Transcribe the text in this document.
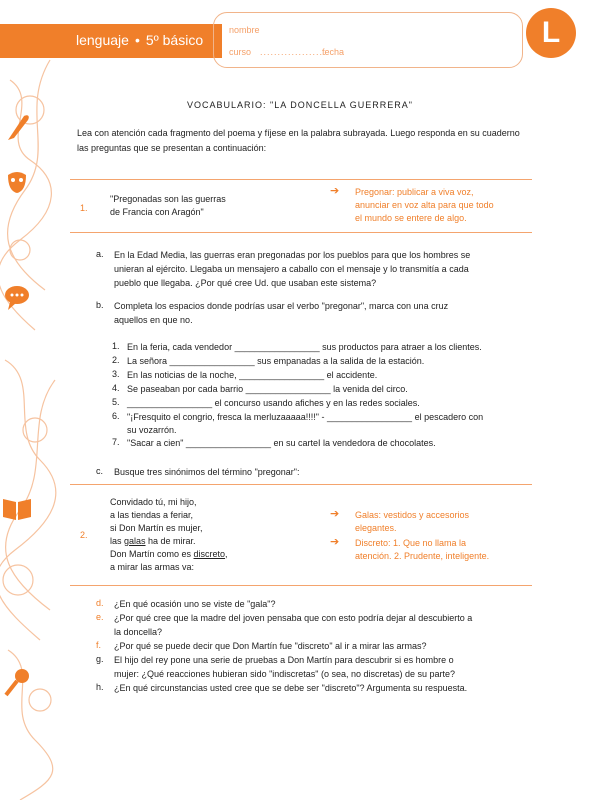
lenguaje • 5º básico
nombre
curso ...................
fecha
L
VOCABULARIO: "LA DONCELLA GUERRERA"
Lea con atención cada fragmento del poema y fíjese en la palabra subrayada. Luego responda en su cuaderno las preguntas que se presentan a continuación:
1.
"Pregonadas son las guerras
de Francia con Aragón"
➔ Pregonar: publicar a viva voz,
anunciar en voz alta para que todo
el mundo se entere de algo.
a. En la Edad Media, las guerras eran pregonadas por los pueblos para que los hombres se
unieran al ejército. Llegaba un mensajero a caballo con el mensaje y lo transmitía a cada
pueblo que llegaba. ¿Por qué cree Ud. que usaban este sistema?
b. Completa los espacios donde podrías usar el verbo "pregonar", marca con una cruz
aquellos en que no.
1. En la feria, cada vendedor _________________ sus productos para atraer a los clientes.
2. La señora _________________ sus empanadas a la salida de la estación.
3. En las noticias de la noche, _________________ el accidente.
4. Se paseaban por cada barrio _________________ la venida del circo.
5. _________________ el concurso usando afiches y en las redes sociales.
6. "¡Fresquito el congrio, fresca la merluzaaaaa!!!!" - _________________ el pescadero con
su vozarrón.
7. "Sacar a cien" _________________ en su carteI la vendedora de chocolates.
c. Busque tres sinónimos del término "pregonar":
2.
Convidado tú, mi hijo,
a las tiendas a feriar,
si Don Martín es mujer,
las galas ha de mirar.
Don Martín como es discreto,
a mirar las armas va:
➔ Galas: vestidos y accesorios
elegantes.
➔ Discreto: 1. Que no llama la
atención. 2. Prudente, inteligente.
d. ¿En qué ocasión uno se viste de "gala"?
e. ¿Por qué cree que la madre del joven pensaba que con esto podría dejar al descubierto a
la doncella?
f. ¿Por qué se puede decir que Don Martín fue "discreto" al ir a mirar las armas?
g. El hijo del rey pone una serie de pruebas a Don Martín para descubrir si es hombre o
mujer: ¿Qué reacciones hubieran sido "indiscretas" (o sea, no discretas) de su parte?
h. ¿En qué circunstancias usted cree que se debe ser "discreto"? Argumenta su respuesta.
